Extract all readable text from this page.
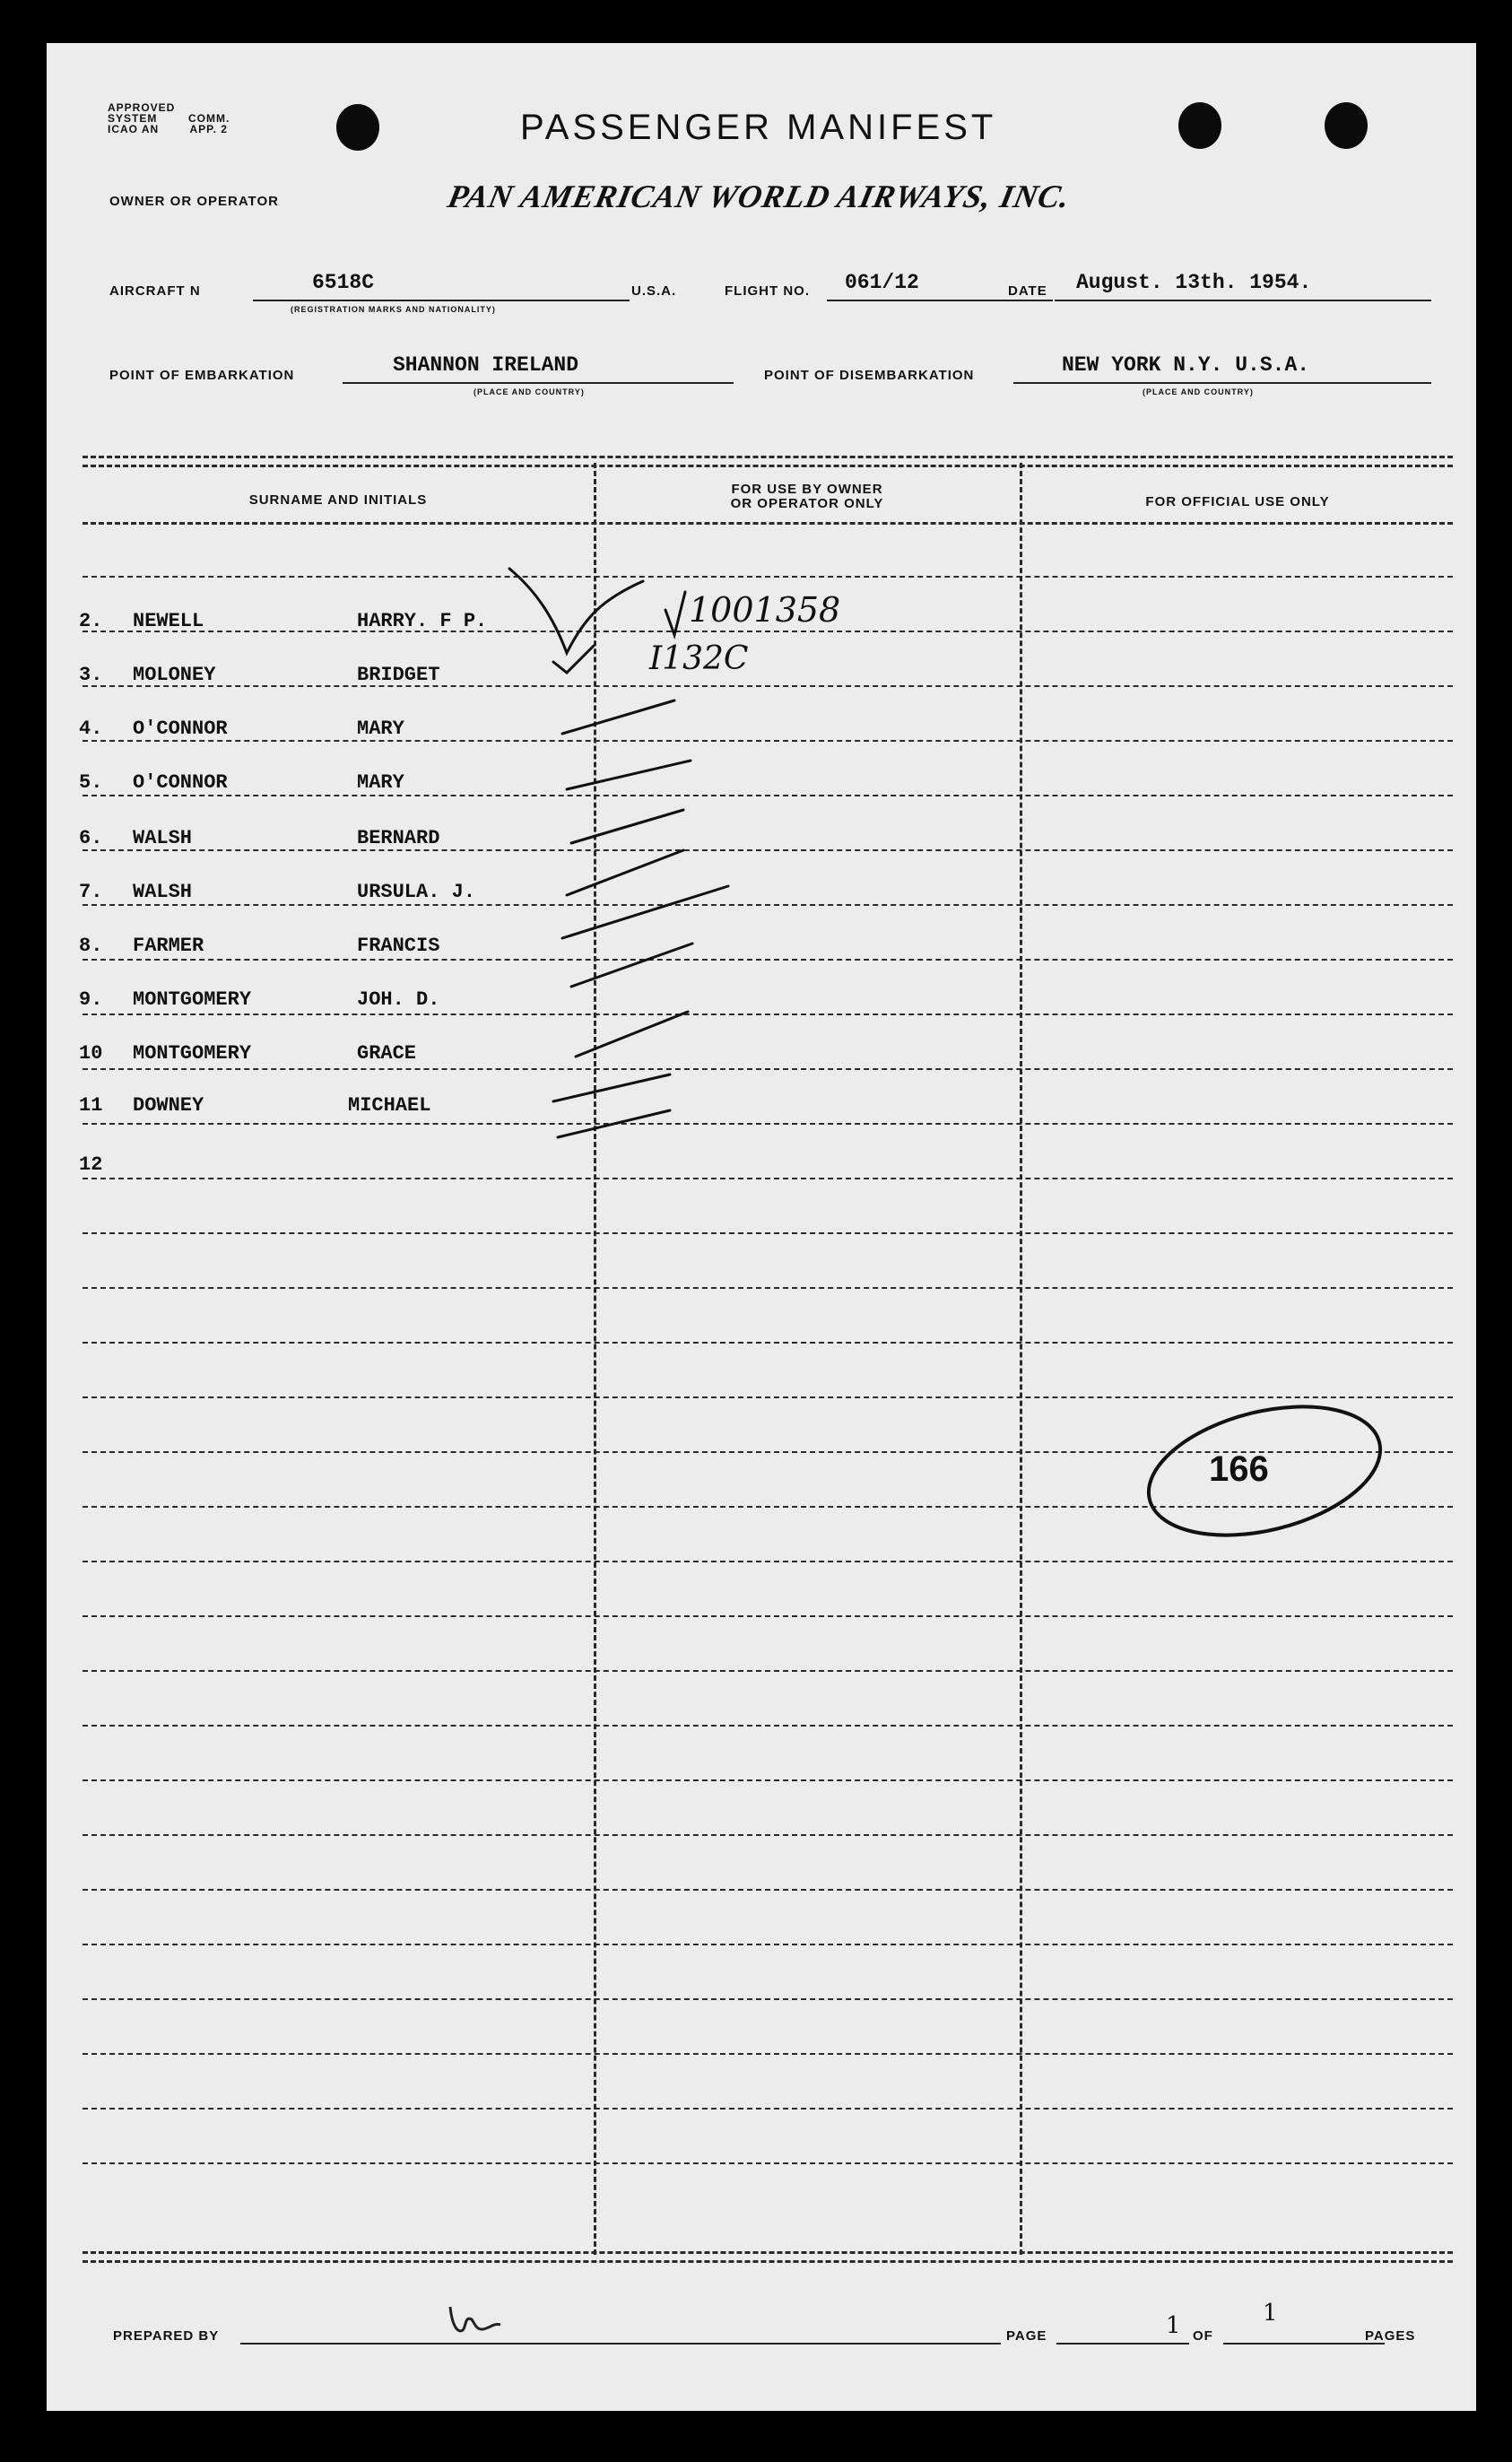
APPROVED
SYSTEM	COMM.
ICAO AN	APP. 2	PASSENGER MANIFEST
OWNER OR OPERATOR	PAN AMERICAN WORLD AIRWAYS, INC.
AIRCRAFT N	6518C
(REGISTRATION MARKS AND NATIONALITY)
U.S.A.	FLIGHT NO. 061/12	DATE August. 13th. 1954.
POINT OF EMBARKATION	SHANNON IRELAND
(PLACE AND COUNTRY)
POINT OF DISEMBARKATION	NEW YORK N.Y. U.S.A.
(PLACE AND COUNTRY)
SURNAME AND INITIALS
FOR USE BY OWNER
OR OPERATOR ONLY	FOR OFFICIAL USE ONLY
2. NEWELL	HARRY. F P.
3. MOLONEY	BRIDGET
4. O'CONNOR	MARY
5. O'CONNOR	MARY
6. WALSH	BERNARD
7. WALSH	URSULA. J.
8. FARMER	FRANCIS
9. MONTGOMERY	JOH. D.
10 MONTGOMERY	GRACE
11 DOWNEY	MICHAEL
12
1001358
I132C
166
PREPARED BY	PAGE	1 OF
1
PAGES
